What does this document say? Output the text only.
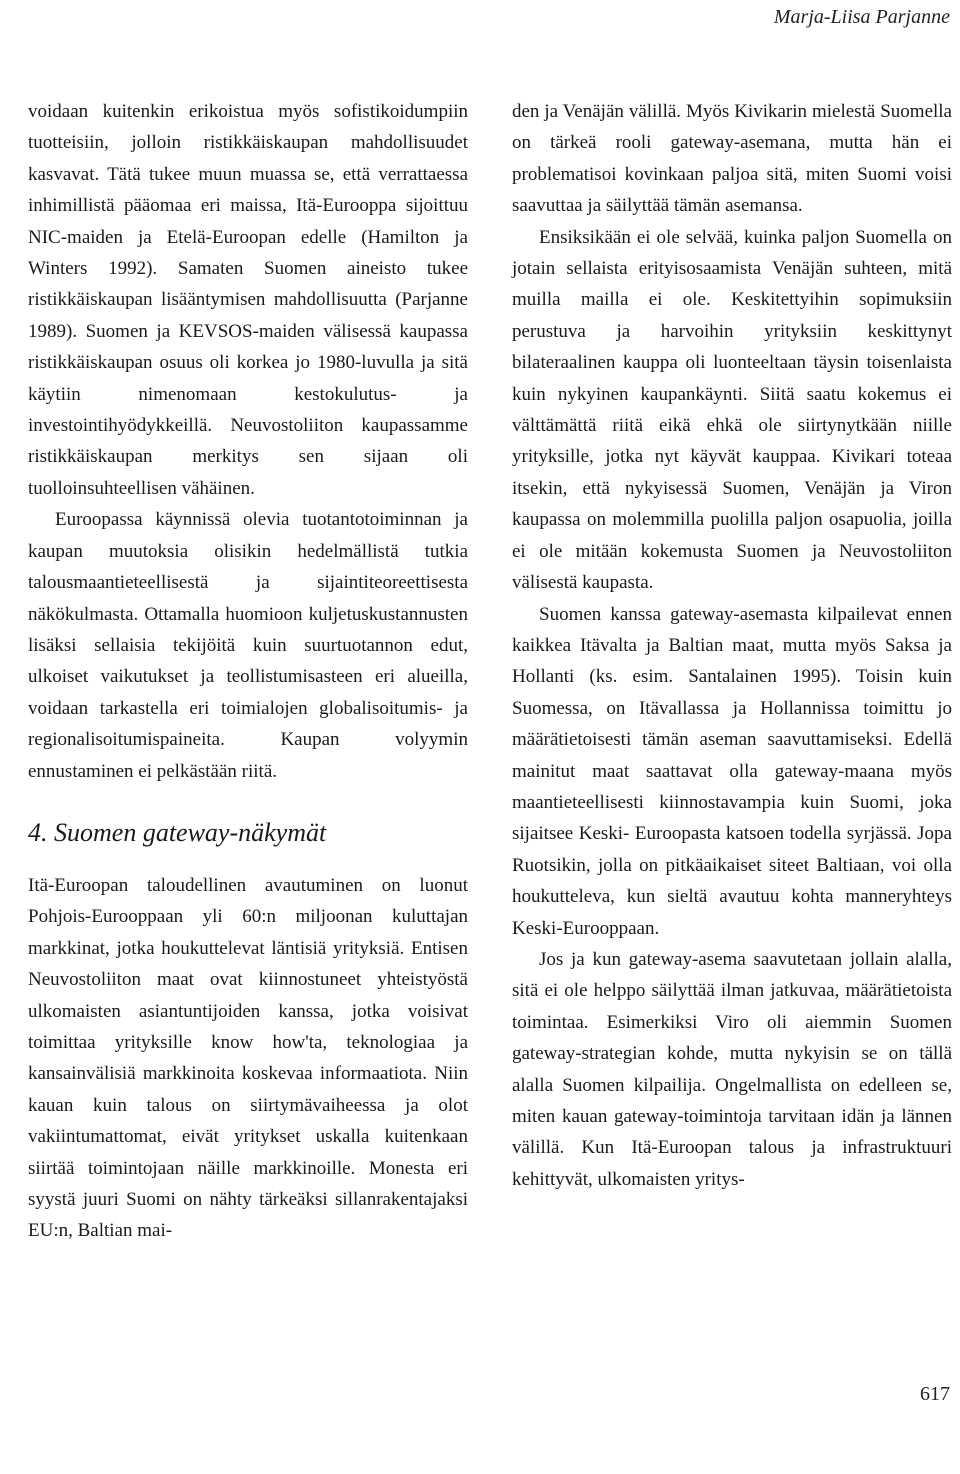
Marja-Liisa Parjanne

voidaan kuitenkin erikoistua myös sofistikoidumpiin tuotteisiin, jolloin ristikkäiskaupan mahdollisuudet kasvavat. Tätä tukee muun muassa se, että verrattaessa inhimillistä pääomaa eri maissa, Itä-Eurooppa sijoittuu NIC-maiden ja Etelä-Euroopan edelle (Hamilton ja Winters 1992). Samaten Suomen aineisto tukee ristikkäiskaupan lisääntymisen mahdollisuutta (Parjanne 1989). Suomen ja KEVSOS-maiden välisessä kaupassa ristikkäiskaupan osuus oli korkea jo 1980-luvulla ja sitä käytiin nimenomaan kestokulutus- ja investointihyödykkeillä. Neuvostoliiton kaupassamme ristikkäiskaupan merkitys sen sijaan oli tuolloinsuhteellisen vähäinen.

Euroopassa käynnissä olevia tuotantotoiminnan ja kaupan muutoksia olisikin hedelmällistä tutkia talousmaantieteellisestä ja sijaintiteoreettisesta näkökulmasta. Ottamalla huomioon kuljetuskustannusten lisäksi sellaisia tekijöitä kuin suurtuotannon edut, ulkoiset vaikutukset ja teollistumisasteen eri alueilla, voidaan tarkastella eri toimialojen globalisoitumis- ja regionalisoitumispaineita. Kaupan volyymin ennustaminen ei pelkästään riitä.

4. Suomen gateway-näkymät

Itä-Euroopan taloudellinen avautuminen on luonut Pohjois-Eurooppaan yli 60:n miljoonan kuluttajan markkinat, jotka houkuttelevat läntisiä yrityksiä. Entisen Neuvostoliiton maat ovat kiinnostuneet yhteistyöstä ulkomaisten asiantuntijoiden kanssa, jotka voisivat toimittaa yrityksille know how'ta, teknologiaa ja kansainvälisiä markkinoita koskevaa informaatiota. Niin kauan kuin talous on siirtymävaiheessa ja olot vakiintumattomat, eivät yritykset uskalla kuitenkaan siirtää toimintojaan näille markkinoille. Monesta eri syystä juuri Suomi on nähty tärkeäksi sillanrakentajaksi EU:n, Baltian mai-

den ja Venäjän välillä. Myös Kivikarin mielestä Suomella on tärkeä rooli gateway-asemana, mutta hän ei problematisoi kovinkaan paljoa sitä, miten Suomi voisi saavuttaa ja säilyttää tämän asemansa.

Ensiksikään ei ole selvää, kuinka paljon Suomella on jotain sellaista erityisosaamista Venäjän suhteen, mitä muilla mailla ei ole. Keskitettyihin sopimuksiin perustuva ja harvoihin yrityksiin keskittynyt bilateraalinen kauppa oli luonteeltaan täysin toisenlaista kuin nykyinen kaupankäynti. Siitä saatu kokemus ei välttämättä riitä eikä ehkä ole siirtynytkään niille yrityksille, jotka nyt käyvät kauppaa. Kivikari toteaa itsekin, että nykyisessä Suomen, Venäjän ja Viron kaupassa on molemmilla puolilla paljon osapuolia, joilla ei ole mitään kokemusta Suomen ja Neuvostoliiton välisestä kaupasta.

Suomen kanssa gateway-asemasta kilpailevat ennen kaikkea Itävalta ja Baltian maat, mutta myös Saksa ja Hollanti (ks. esim. Santalainen 1995). Toisin kuin Suomessa, on Itävallassa ja Hollannissa toimittu jo määrätietoisesti tämän aseman saavuttamiseksi. Edellä mainitut maat saattavat olla gateway-maana myös maantieteellisesti kiinnostavampia kuin Suomi, joka sijaitsee Keski- Euroopasta katsoen todella syrjässä. Jopa Ruotsikin, jolla on pitkäaikaiset siteet Baltiaan, voi olla houkutteleva, kun sieltä avautuu kohta manneryhteys Keski-Eurooppaan.

Jos ja kun gateway-asema saavutetaan jollain alalla, sitä ei ole helppo säilyttää ilman jatkuvaa, määrätietoista toimintaa. Esimerkiksi Viro oli aiemmin Suomen gateway-strategian kohde, mutta nykyisin se on tällä alalla Suomen kilpailija. Ongelmallista on edelleen se, miten kauan gateway-toimintoja tarvitaan idän ja lännen välillä. Kun Itä-Euroopan talous ja infrastruktuuri kehittyvät, ulkomaisten yritys-

617
